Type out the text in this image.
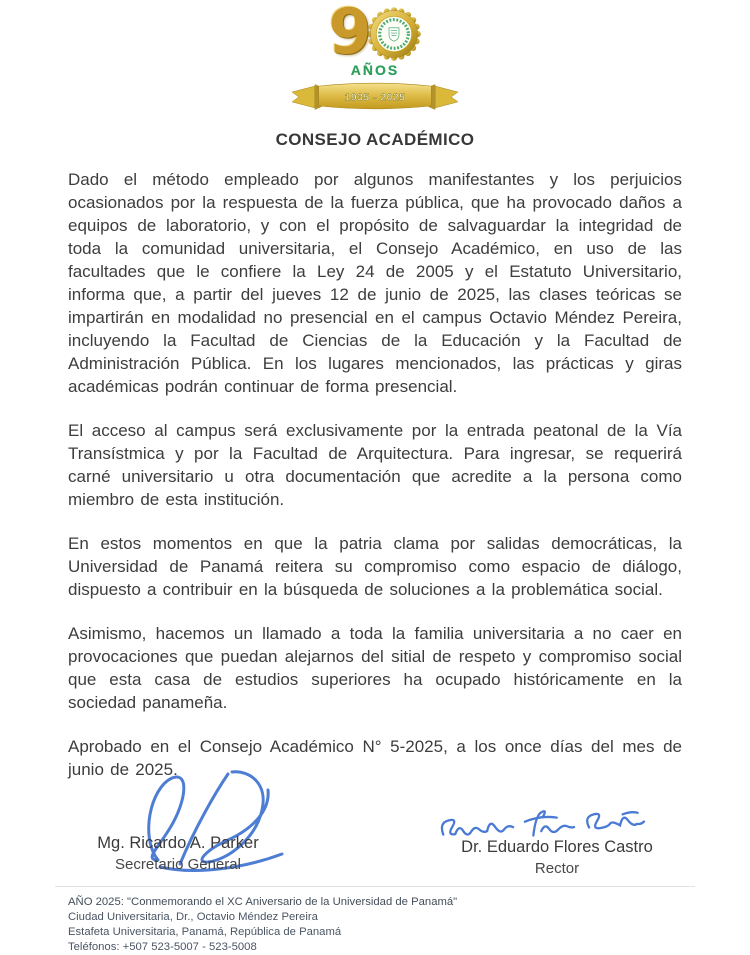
9
AÑOS
1935 - 2025
CONSEJO ACADÉMICO

Dado el método empleado por algunos manifestantes y los perjuicios ocasionados por la respuesta de la fuerza pública, que ha provocado daños a equipos de laboratorio, y con el propósito de salvaguardar la integridad de toda la comunidad universitaria, el Consejo Académico, en uso de las facultades que le confiere la Ley 24 de 2005 y el Estatuto Universitario, informa que, a partir del jueves 12 de junio de 2025, las clases teóricas se impartirán en modalidad no presencial en el campus Octavio Méndez Pereira, incluyendo la Facultad de Ciencias de la Educación y la Facultad de Administración Pública. En los lugares mencionados, las prácticas y giras académicas podrán continuar de forma presencial.

El acceso al campus será exclusivamente por la entrada peatonal de la Vía Transístmica y por la Facultad de Arquitectura. Para ingresar, se requerirá carné universitario u otra documentación que acredite a la persona como miembro de esta institución.

En estos momentos en que la patria clama por salidas democráticas, la Universidad de Panamá reitera su compromiso como espacio de diálogo, dispuesto a contribuir en la búsqueda de soluciones a la problemática social.

Asimismo, hacemos un llamado a toda la familia universitaria a no caer en provocaciones que puedan alejarnos del sitial de respeto y compromiso social que esta casa de estudios superiores ha ocupado históricamente en la sociedad panameña.

Aprobado en el Consejo Académico N° 5-2025, a los once días del mes de junio de 2025.

Mg. Ricardo A. Parker
Secretario General
Dr. Eduardo Flores Castro
Rector
AÑO 2025: "Conmemorando el XC Aniversario de la Universidad de Panamá"
Ciudad Universitaria, Dr., Octavio Méndez Pereira
Estafeta Universitaria, Panamá, República de Panamá
Teléfonos: +507 523-5007 - 523-5008
